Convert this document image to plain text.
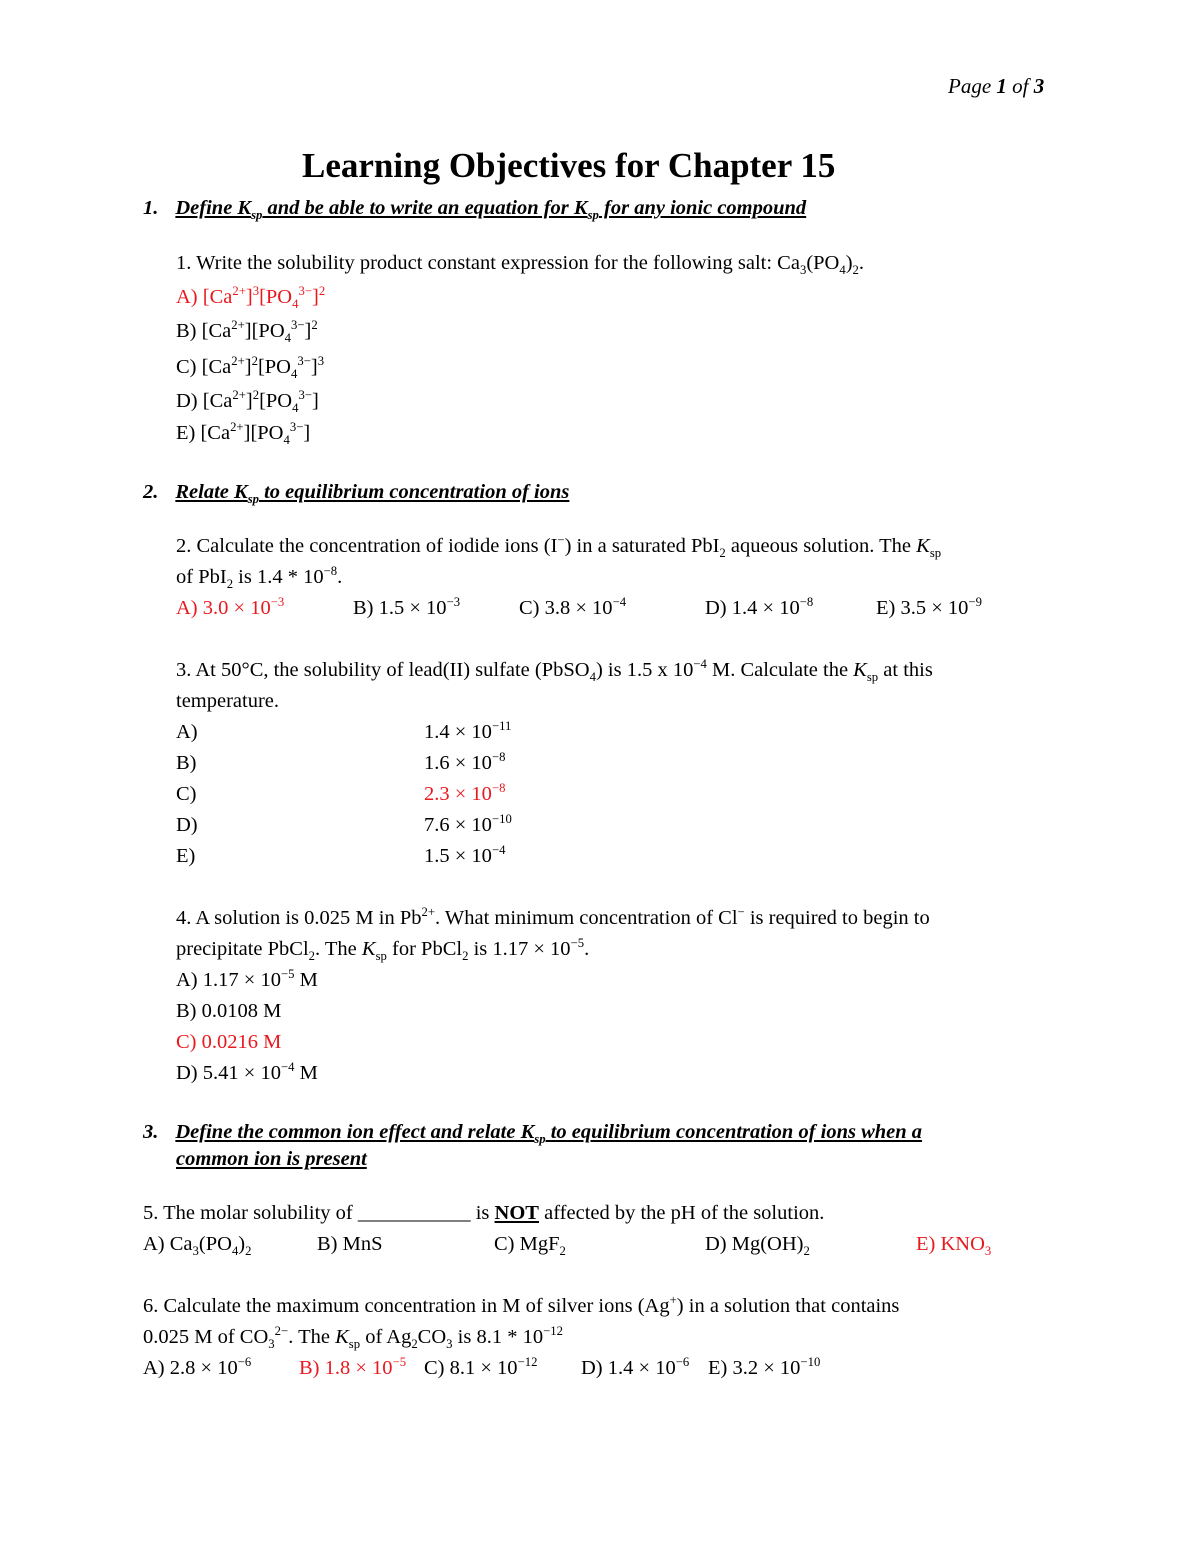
Page 1 of 3
Learning Objectives for Chapter 15
1. Define $K_{sp}$ and be able to write an equation for $K_{sp}$ for any ionic compound
1. Write the solubility product constant expression for the following salt: $Ca_3(PO_4)_2$.
A) $[Ca^{2+}]^3[PO_4^{3-}]^2$
B) $[Ca^{2+}][PO_4^{3-}]^2$
C) $[Ca^{2+}]^2[PO_4^{3-}]^3$
D) $[Ca^{2+}]^2[PO_4^{3-}]$
E) $[Ca^{2+}][PO_4^{3-}]$
2. Relate $K_{sp}$ to equilibrium concentration of ions
2. Calculate the concentration of iodide ions (I−) in a saturated PbI$_2$ aqueous solution. The $K_{sp}$
of PbI$_2$ is $1.4 * 10^{-8}$.
A) $3.0 \times 10^{-3}$	B) $1.5 \times 10^{-3}$	C) $3.8 \times 10^{-4}$	D) $1.4 \times 10^{-8}$	E) $3.5 \times 10^{-9}$
3. At 50°C, the solubility of lead(II) sulfate (PbSO$_4$) is 1.5 x $10^{-4}$ M. Calculate the $K_{sp}$ at this
temperature.
A)	$1.4 \times 10^{-11}$
B)	$1.6 \times 10^{-8}$
C)	$2.3 \times 10^{-8}$
D)	$7.6 \times 10^{-10}$
E)	$1.5 \times 10^{-4}$
4. A solution is 0.025 M in $Pb^{2+}$. What minimum concentration of Cl− is required to begin to
precipitate PbCl$_2$. The $K_{sp}$ for PbCl$_2$ is $1.17 \times 10^{-5}$.
A) $1.17 \times 10^{-5}$ M
B) 0.0108 M
C) 0.0216 M
D) $5.41 \times 10^{-4}$ M
3. Define the common ion effect and relate $K_{sp}$ to equilibrium concentration of ions when a
common ion is present
5. The molar solubility of ___________ is NOT affected by the pH of the solution.
A) $Ca_3(PO_4)_2$	B) MnS	C) MgF$_2$	D) $Mg(OH)_2$	E) $KNO_3$
6. Calculate the maximum concentration in M of silver ions (Ag+) in a solution that contains
0.025 M of $CO_3^{2-}$. The $K_{sp}$ of $Ag_2CO_3$ is $8.1 * 10^{-12}$
A) $2.8 \times 10^{-6}$ B) $1.8 \times 10^{-5}$ C) $8.1 \times 10^{-12}$ D) $1.4 \times 10^{-6}$ E) $3.2 \times 10^{-10}$
